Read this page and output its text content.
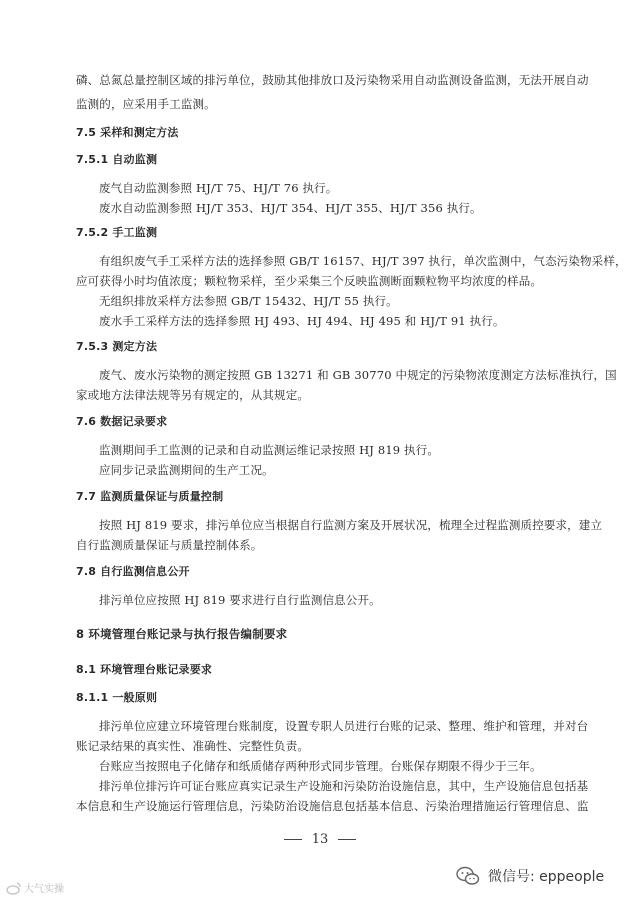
磷、总氮总量控制区域的排污单位，鼓励其他排放口及污染物采用自动监测设备监测，无法开展自动
监测的，应采用手工监测。
7.5 采样和测定方法
7.5.1 自动监测
废气自动监测参照 HJ/T 75、HJ/T 76 执行。
废水自动监测参照 HJ/T 353、HJ/T 354、HJ/T 355、HJ/T 356 执行。
7.5.2 手工监测
有组织废气手工采样方法的选择参照 GB/T 16157、HJ/T 397 执行，单次监测中，气态污染物采样，
应可获得小时均值浓度；颗粒物采样，至少采集三个反映监测断面颗粒物平均浓度的样品。
无组织排放采样方法参照 GB/T 15432、HJ/T 55 执行。
废水手工采样方法的选择参照 HJ 493、HJ 494、HJ 495 和 HJ/T 91 执行。
7.5.3 测定方法
废气、废水污染物的测定按照 GB 13271 和 GB 30770 中规定的污染物浓度测定方法标准执行，国
家或地方法律法规等另有规定的，从其规定。
7.6 数据记录要求
监测期间手工监测的记录和自动监测运维记录按照 HJ 819 执行。
应同步记录监测期间的生产工况。
7.7 监测质量保证与质量控制
按照 HJ 819 要求，排污单位应当根据自行监测方案及开展状况，梳理全过程监测质控要求，建立
自行监测质量保证与质量控制体系。
7.8 自行监测信息公开
排污单位应按照 HJ 819 要求进行自行监测信息公开。
8 环境管理台账记录与执行报告编制要求
8.1 环境管理台账记录要求
8.1.1 一般原则
排污单位应建立环境管理台账制度，设置专职人员进行台账的记录、整理、维护和管理，并对台
账记录结果的真实性、准确性、完整性负责。
台账应当按照电子化储存和纸质储存两种形式同步管理。台账保存期限不得少于三年。
排污单位排污许可证台账应真实记录生产设施和污染防治设施信息，其中，生产设施信息包括基
本信息和生产设施运行管理信息，污染防治设施信息包括基本信息、污染治理措施运行管理信息、监
13
微信号: eppeople
大气实操
